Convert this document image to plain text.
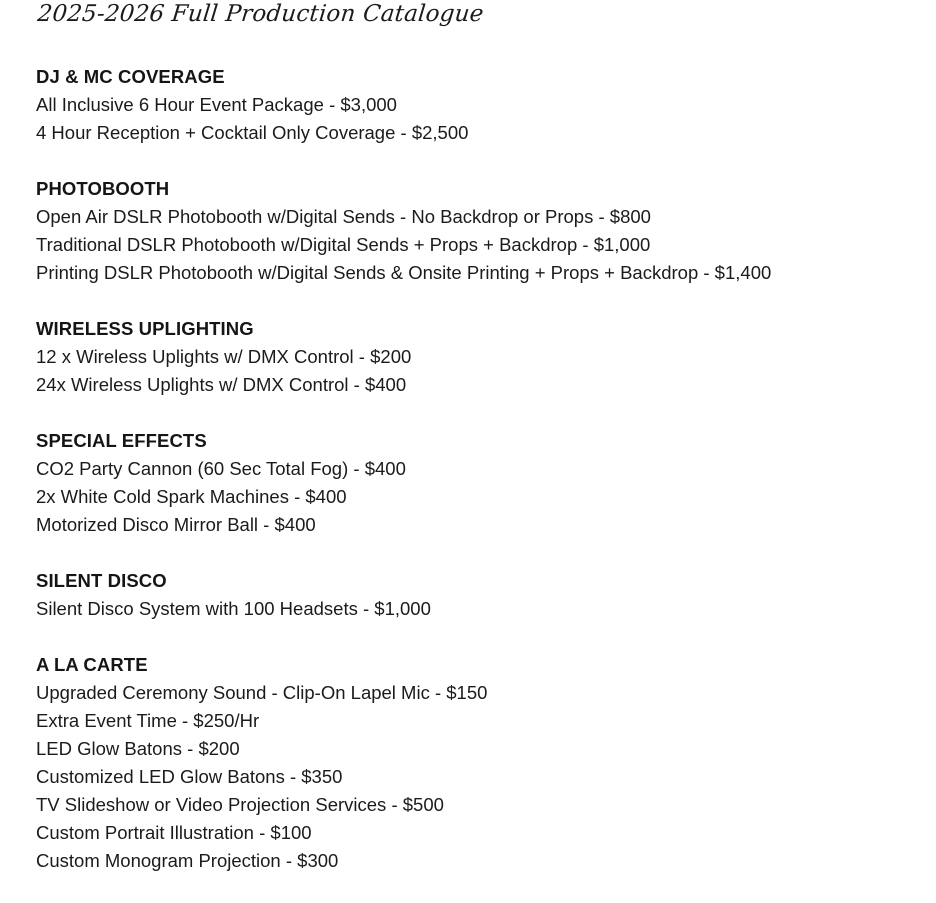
2025-2026 Full Production Catalogue
DJ & MC COVERAGE
All Inclusive 6 Hour Event Package - $3,000
4 Hour Reception + Cocktail Only Coverage - $2,500
PHOTOBOOTH
Open Air DSLR Photobooth w/Digital Sends - No Backdrop or Props - $800
Traditional DSLR Photobooth w/Digital Sends + Props + Backdrop - $1,000
Printing DSLR Photobooth w/Digital Sends & Onsite Printing + Props + Backdrop - $1,400
WIRELESS UPLIGHTING
12 x Wireless Uplights w/ DMX Control - $200
24x Wireless Uplights w/ DMX Control - $400
SPECIAL EFFECTS
CO2 Party Cannon (60 Sec Total Fog) - $400
2x White Cold Spark Machines - $400
Motorized Disco Mirror Ball - $400
SILENT DISCO
Silent Disco System with 100 Headsets - $1,000
A LA CARTE
Upgraded Ceremony Sound - Clip-On Lapel Mic - $150
Extra Event Time - $250/Hr
LED Glow Batons - $200
Customized LED Glow Batons - $350
TV Slideshow or Video Projection Services - $500
Custom Portrait Illustration - $100
Custom Monogram Projection - $300
